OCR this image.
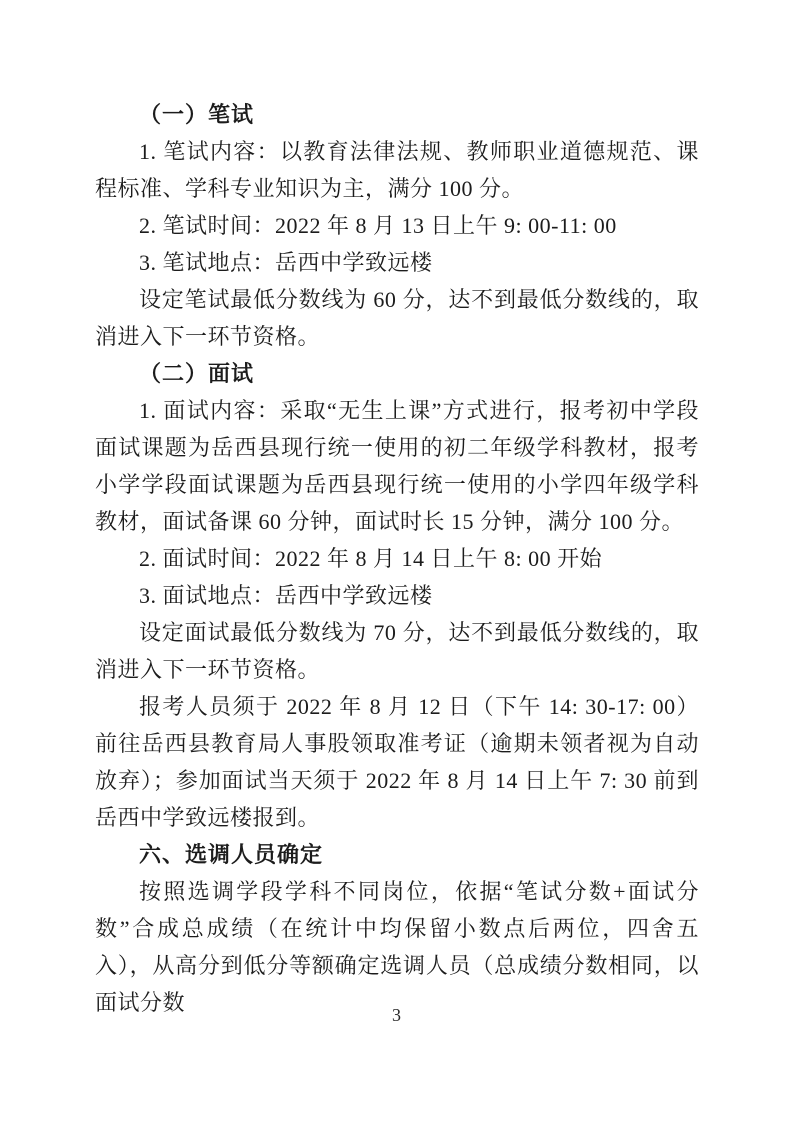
（一）笔试

1. 笔试内容：以教育法律法规、教师职业道德规范、课程标准、学科专业知识为主，满分 100 分。

2. 笔试时间：2022 年 8 月 13 日上午 9: 00-11: 00

3. 笔试地点：岳西中学致远楼

设定笔试最低分数线为 60 分，达不到最低分数线的，取消进入下一环节资格。

（二）面试

1. 面试内容：采取“无生上课”方式进行，报考初中学段面试课题为岳西县现行统一使用的初二年级学科教材，报考小学学段面试课题为岳西县现行统一使用的小学四年级学科教材，面试备课 60 分钟，面试时长 15 分钟，满分 100 分。

2. 面试时间：2022 年 8 月 14 日上午 8: 00 开始

3. 面试地点：岳西中学致远楼

设定面试最低分数线为 70 分，达不到最低分数线的，取消进入下一环节资格。

报考人员须于 2022 年 8 月 12 日（下午 14: 30-17: 00）前往岳西县教育局人事股领取准考证（逾期未领者视为自动放弃）；参加面试当天须于 2022 年 8 月 14 日上午 7: 30 前到岳西中学致远楼报到。

六、选调人员确定

按照选调学段学科不同岗位，依据“笔试分数+面试分数”合成总成绩（在统计中均保留小数点后两位，四舍五入），从高分到低分等额确定选调人员（总成绩分数相同，以面试分数	3
